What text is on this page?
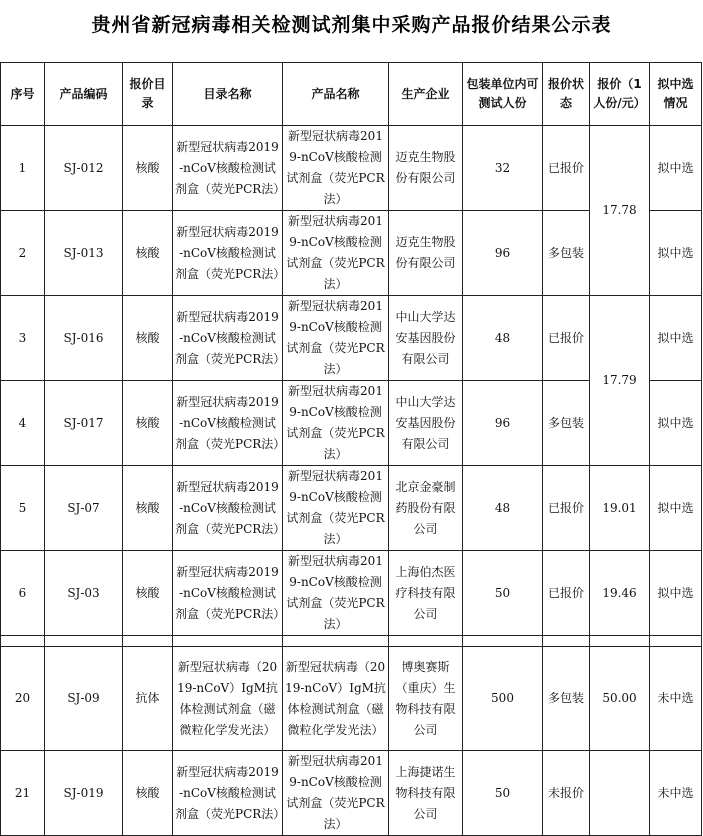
贵州省新冠病毒相关检测试剂集中采购产品报价结果公示表
序号	产品编码	报价目录	目录名称	产品名称	生产企业	包装单位内可测试人份	报价状态	报价（1人份/元）	拟中选情况

1	SJ-012	核酸	新型冠状病毒2019-nCoV核酸检测试剂盒（荧光PCR法）	新型冠状病毒2019-nCoV核酸检测试剂盒（荧光PCR法）	迈克生物股份有限公司	32	已报价	17.78	拟中选
2	SJ-013	核酸	新型冠状病毒2019-nCoV核酸检测试剂盒（荧光PCR法）	新型冠状病毒2019-nCoV核酸检测试剂盒（荧光PCR法）	迈克生物股份有限公司	96	多包装		拟中选
3	SJ-016	核酸	新型冠状病毒2019-nCoV核酸检测试剂盒（荧光PCR法）	新型冠状病毒2019-nCoV核酸检测试剂盒（荧光PCR法）	中山大学达安基因股份有限公司	48	已报价	17.79	拟中选
4	SJ-017	核酸	新型冠状病毒2019-nCoV核酸检测试剂盒（荧光PCR法）	新型冠状病毒2019-nCoV核酸检测试剂盒（荧光PCR法）	中山大学达安基因股份有限公司	96	多包装		拟中选
5	SJ-07	核酸	新型冠状病毒2019-nCoV核酸检测试剂盒（荧光PCR法）	新型冠状病毒2019-nCoV核酸检测试剂盒（荧光PCR法）	北京金豪制药股份有限公司	48	已报价	19.01	拟中选
6	SJ-03	核酸	新型冠状病毒2019-nCoV核酸检测试剂盒（荧光PCR法）	新型冠状病毒2019-nCoV核酸检测试剂盒（荧光PCR法）	上海伯杰医疗科技有限公司	50	已报价	19.46	拟中选

20	SJ-09	抗体	新型冠状病毒（2019-nCoV）IgM抗体检测试剂盒（磁微粒化学发光法）	新型冠状病毒（2019-nCoV）IgM抗体检测试剂盒（磁微粒化学发光法）	博奥赛斯（重庆）生物科技有限公司	500	多包装	50.00	未中选
21	SJ-019	核酸	新型冠状病毒2019-nCoV核酸检测试剂盒（荧光PCR法）	新型冠状病毒2019-nCoV核酸检测试剂盒（荧光PCR法）	上海捷诺生物科技有限公司	50	未报价		未中选
